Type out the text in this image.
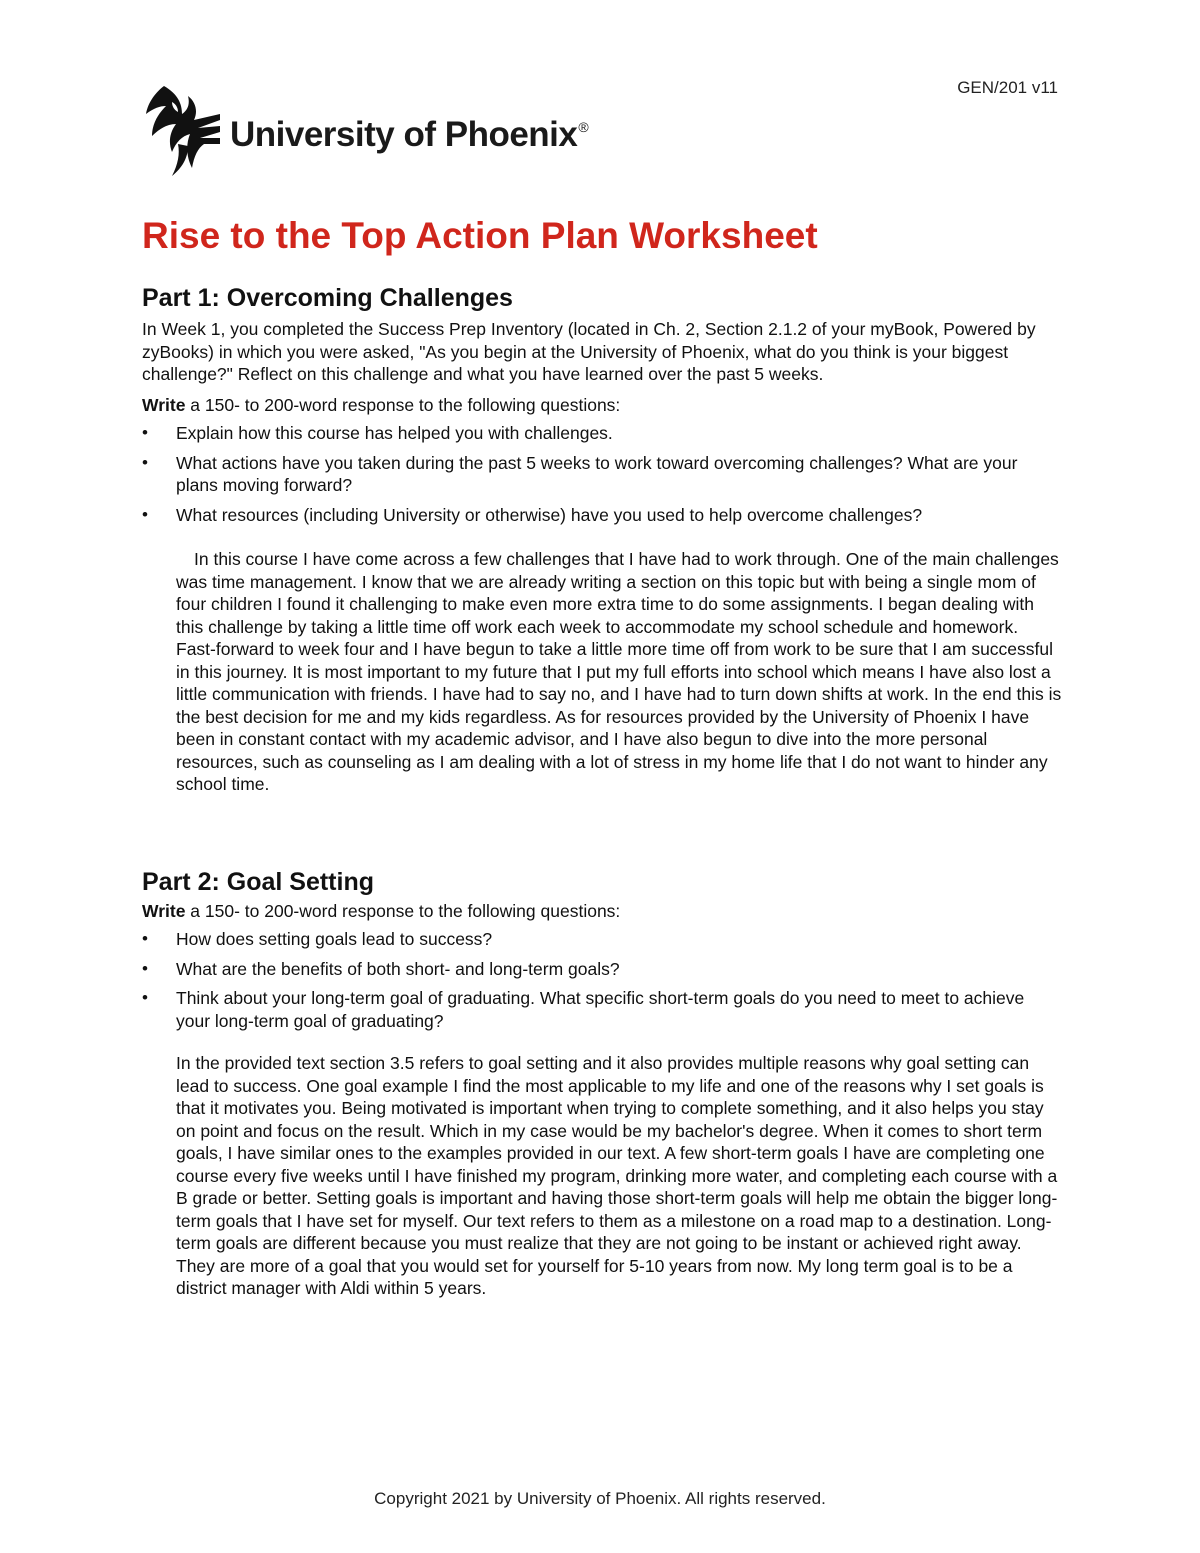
GEN/201 v11
University of Phoenix®
Rise to the Top Action Plan Worksheet
Part 1: Overcoming Challenges

In Week 1, you completed the Success Prep Inventory (located in Ch. 2, Section 2.1.2 of your myBook, Powered by zyBooks) in which you were asked, "As you begin at the University of Phoenix, what do you think is your biggest challenge?" Reflect on this challenge and what you have learned over the past 5 weeks.

Write a 150- to 200-word response to the following questions:

• Explain how this course has helped you with challenges.
• What actions have you taken during the past 5 weeks to work toward overcoming challenges? What are your plans moving forward?
• What resources (including University or otherwise) have you used to help overcome challenges?

In this course I have come across a few challenges that I have had to work through. One of the main challenges was time management. I know that we are already writing a section on this topic but with being a single mom of four children I found it challenging to make even more extra time to do some assignments. I began dealing with this challenge by taking a little time off work each week to accommodate my school schedule and homework. Fast-forward to week four and I have begun to take a little more time off from work to be sure that I am successful in this journey. It is most important to my future that I put my full efforts into school which means I have also lost a little communication with friends. I have had to say no, and I have had to turn down shifts at work. In the end this is the best decision for me and my kids regardless. As for resources provided by the University of Phoenix I have been in constant contact with my academic advisor, and I have also begun to dive into the more personal resources, such as counseling as I am dealing with a lot of stress in my home life that I do not want to hinder any school time.

Part 2: Goal Setting

Write a 150- to 200-word response to the following questions:

• How does setting goals lead to success?
• What are the benefits of both short- and long-term goals?
• Think about your long-term goal of graduating. What specific short-term goals do you need to meet to achieve your long-term goal of graduating?

In the provided text section 3.5 refers to goal setting and it also provides multiple reasons why goal setting can lead to success. One goal example I find the most applicable to my life and one of the reasons why I set goals is that it motivates you. Being motivated is important when trying to complete something, and it also helps you stay on point and focus on the result. Which in my case would be my bachelor's degree. When it comes to short term goals, I have similar ones to the examples provided in our text. A few short-term goals I have are completing one course every five weeks until I have finished my program, drinking more water, and completing each course with a B grade or better. Setting goals is important and having those short-term goals will help me obtain the bigger long-term goals that I have set for myself. Our text refers to them as a milestone on a road map to a destination. Long-term goals are different because you must realize that they are not going to be instant or achieved right away. They are more of a goal that you would set for yourself for 5-10 years from now. My long term goal is to be a district manager with Aldi within 5 years.

Copyright 2021 by University of Phoenix. All rights reserved.
